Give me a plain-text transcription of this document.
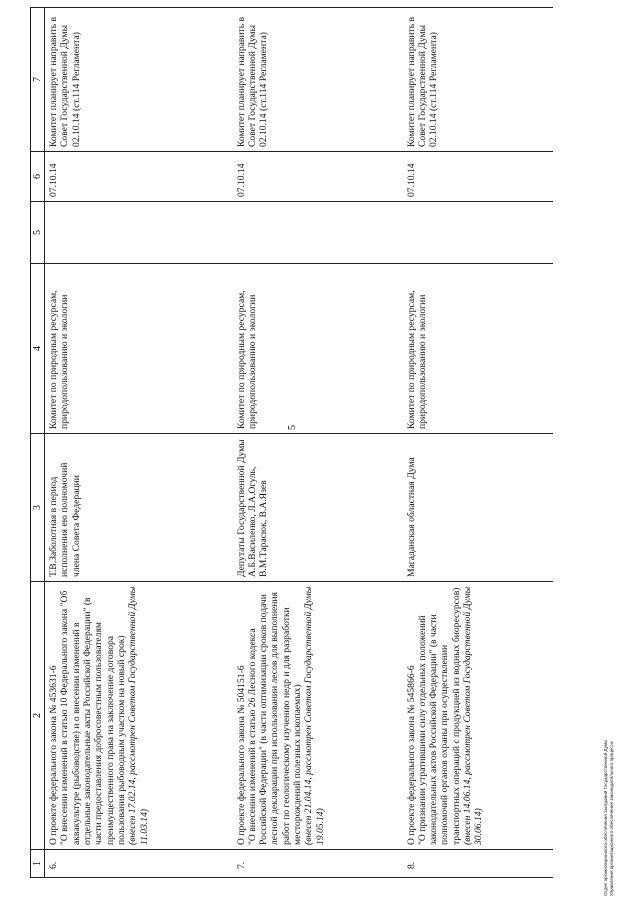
5
1	2	3	4	5	6	7
6.	О проекте федерального закона № 453631-6 "О внесении изменений в статью 10 Федерального закона "Об аквакультуре (рыбоводстве) и о внесении изменений в отдельные законодательные акты Российской Федерации" (в части предоставления добросовестным пользователям преимущественного права на заключение договора пользования рыбоводным участком на новый срок) (внесен 17.02.14, рассмотрен Советом Государственной Думы 11.03.14)	Т.В.Заболотная в период исполнения ею полномочий члена Совета Федерации	Комитет по природным ресурсам, природопользованию и экологии		07.10.14	Комитет планирует направить в Совет Государственной Думы 02.10.14 (ст.114 Регламента)
7.	О проекте федерального закона № 504151-6 "О внесении изменений в статью 26 Лесного кодекса Российской Федерации" (в части оптимизации сроков подачи лесной декларации при использовании лесов для выполнения работ по геологическому изучению недр и для разработки месторождений полезных ископаемых) (внесен 21.04.14, рассмотрен Советом Государственной Думы 19.05.14)	Депутаты Государственной Думы А.Б.Василенко, Л.А.Огуль, В.М.Тарасюк, В.А.Язев	Комитет по природным ресурсам, природопользованию и экологии		07.10.14	Комитет планирует направить в Совет Государственной Думы 02.10.14 (ст.114 Регламента)
8.	О проекте федерального закона № 545866-6 "О признании утратившими силу отдельных положений законодательных актов Российской Федерации" (в части полномочий органов охраны при осуществлении транспортных операций с продукцией из водных биоресурсов) (внесен 14.06.14, рассмотрен Советом Государственной Думы 30.06.14)	Магаданская областная Дума	Комитет по природным ресурсам, природопользованию и экологии		07.10.14	Комитет планирует направить в Совет Государственной Думы 02.10.14 (ст.114 Регламента)
Отдел организационного обеспечения заседаний Государственной Думы Управления организационного обеспечения законодательного процесса
